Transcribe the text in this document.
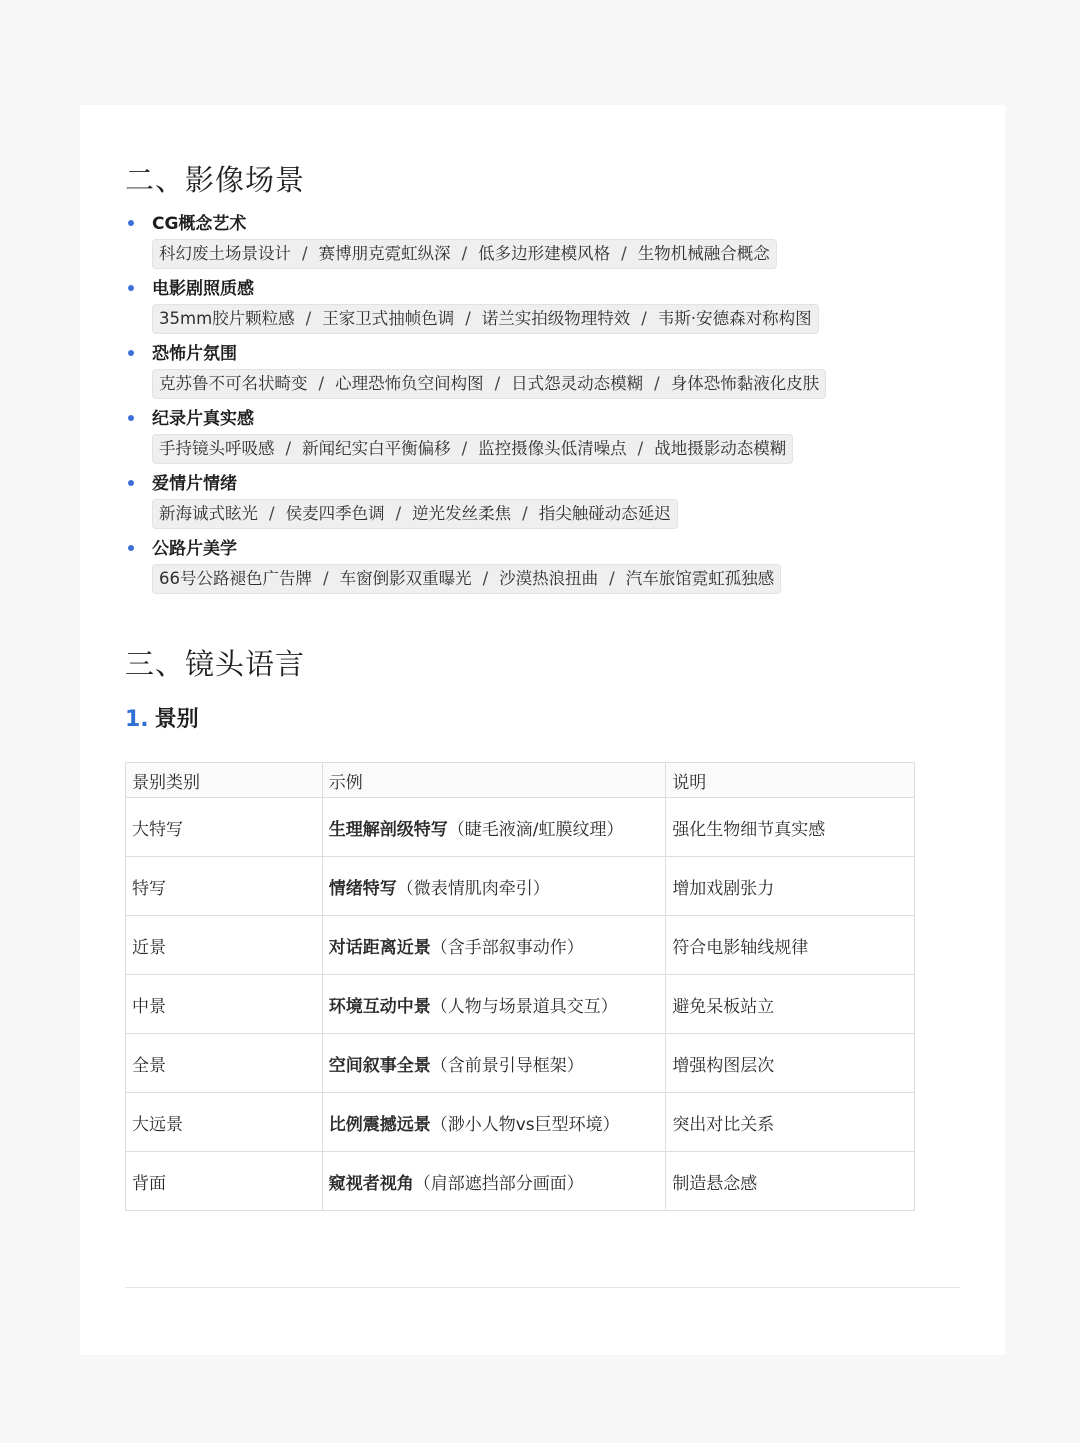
二、影像场景
CG概念艺术
科幻废土场景设计 / 赛博朋克霓虹纵深 / 低多边形建模风格 / 生物机械融合概念
电影剧照质感
35mm胶片颗粒感 / 王家卫式抽帧色调 / 诺兰实拍级物理特效 / 韦斯·安德森对称构图
恐怖片氛围
克苏鲁不可名状畸变 / 心理恐怖负空间构图 / 日式怨灵动态模糊 / 身体恐怖黏液化皮肤
纪录片真实感
手持镜头呼吸感 / 新闻纪实白平衡偏移 / 监控摄像头低清噪点 / 战地摄影动态模糊
爱情片情绪
新海诚式眩光 / 侯麦四季色调 / 逆光发丝柔焦 / 指尖触碰动态延迟
公路片美学
66号公路褪色广告牌 / 车窗倒影双重曝光 / 沙漠热浪扭曲 / 汽车旅馆霓虹孤独感
三、镜头语言
1. 景别
景别类别	示例	说明
大特写	生理解剖级特写（睫毛液滴/虹膜纹理）	强化生物细节真实感
特写	情绪特写（微表情肌肉牵引）	增加戏剧张力
近景	对话距离近景（含手部叙事动作）	符合电影轴线规律
中景	环境互动中景（人物与场景道具交互）	避免呆板站立
全景	空间叙事全景（含前景引导框架）	增强构图层次
大远景	比例震撼远景（渺小人物vs巨型环境）	突出对比关系
背面	窥视者视角（肩部遮挡部分画面）	制造悬念感
